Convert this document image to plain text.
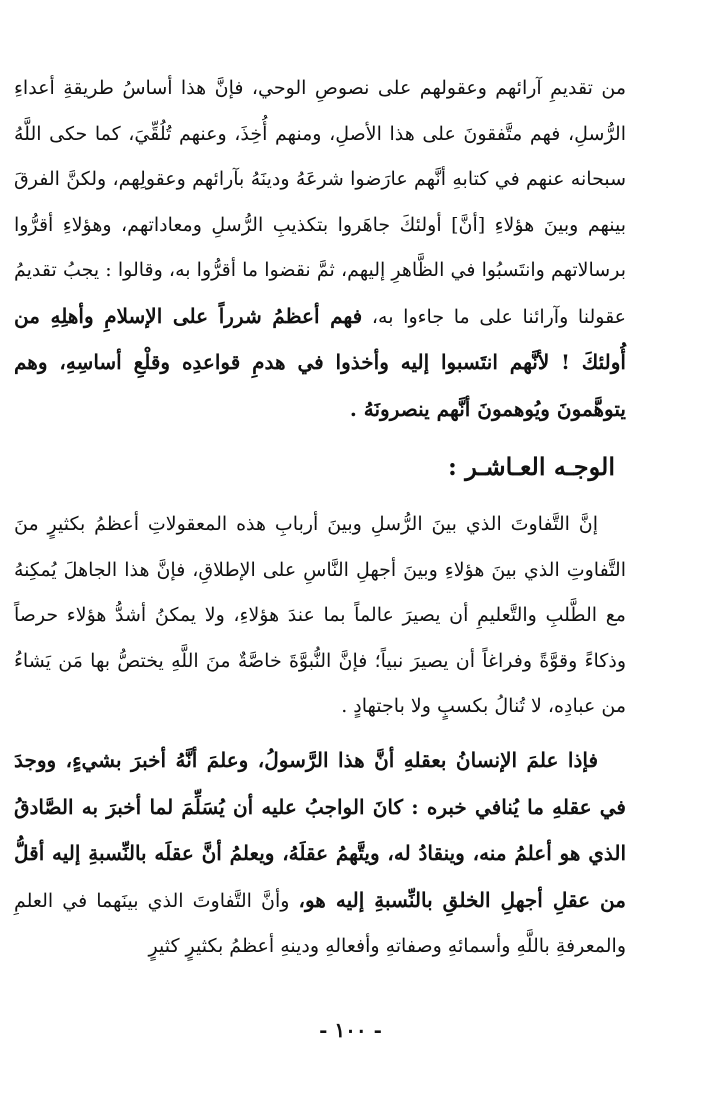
من تقديمِ آرائهم وعقولهم على نصوصِ الوحي، فإنَّ هذا أساسُ طريقةِ أعداءِ الرُّسلِ، فهم متَّفقونَ على هذا الأصلِ، ومنهم أُخِذَ، وعنهم تُلُقِّيَ، كما حكى اللَّهُ سبحانه عنهم في كتابهِ أنَّهم عارَضوا شرعَهُ ودينَهُ بآرائهم وعقولِهم، ولكنَّ الفرقَ بينهم وبينَ هؤلاءِ [أنَّ] أولئكَ جاهَروا بتكذيبِ الرُّسلِ ومعاداتهم، وهؤلاءِ أقرُّوا برسالاتهم وانتَسبُوا في الظَّاهرِ إليهم، ثمَّ نقضوا ما أقرُّوا به، وقالوا : يجبُ تقديمُ عقولنا وآرائنا على ما جاءوا به، فهم أعظمُ شرراً على الإسلامِ وأهلِهِ من أُولئكَ ! لأنَّهم انتَسبوا إليه وأخذوا في هدمِ قواعدِه وقلْعِ أساسِهِ، وهم يتوهَّمونَ ويُوهمونَ أنَّهم ينصرونَهُ .

الوجـه العـاشـر :

إنَّ التَّفاوتَ الذي بينَ الرُّسلِ وبينَ أربابِ هذه المعقولاتِ أعظمُ بكثيرٍ منَ التَّفاوتِ الذي بينَ هؤلاءِ وبينَ أجهلِ النَّاسِ على الإطلاقِ، فإنَّ هذا الجاهلَ يُمكِنهُ مع الطَّلبِ والتَّعليمِ أن يصيرَ عالماً بما عندَ هؤلاءِ، ولا يمكنُ أشدُّ هؤلاء حرصاً وذكاءً وقوَّةً وفراغاً أن يصيرَ نبياً؛ فإنَّ النُّبوَّةَ خاصَّةٌ منَ اللَّهِ يختصُّ بها مَن يَشاءُ من عبادِه، لا تُنالُ بكسبٍ ولا باجتهادٍ .

فإذا علمَ الإنسانُ بعقلهِ أنَّ هذا الرَّسولُ، وعلمَ أنَّهُ أخبرَ بشيءٍ، ووجدَ في عقلهِ ما يُنافي خبره : كانَ الواجبُ عليه أن يُسَلِّمَ لما أخبرَ به الصَّادقُ الذي هو أعلمُ منه، وينقادُ له، ويتَّهمُ عقلَهُ، ويعلمُ أنَّ عقلَه بالنِّسبةِ إليه أقلُّ من عقلِ أجهلِ الخلقِ بالنِّسبةِ إليه هو، وأنَّ التَّفاوتَ الذي بينَهما في العلمِ والمعرفةِ باللَّهِ وأسمائهِ وصفاتهِ وأفعالهِ ودينهِ أعظمُ بكثيرٍ كثيرٍ

- ١٠٠ -
